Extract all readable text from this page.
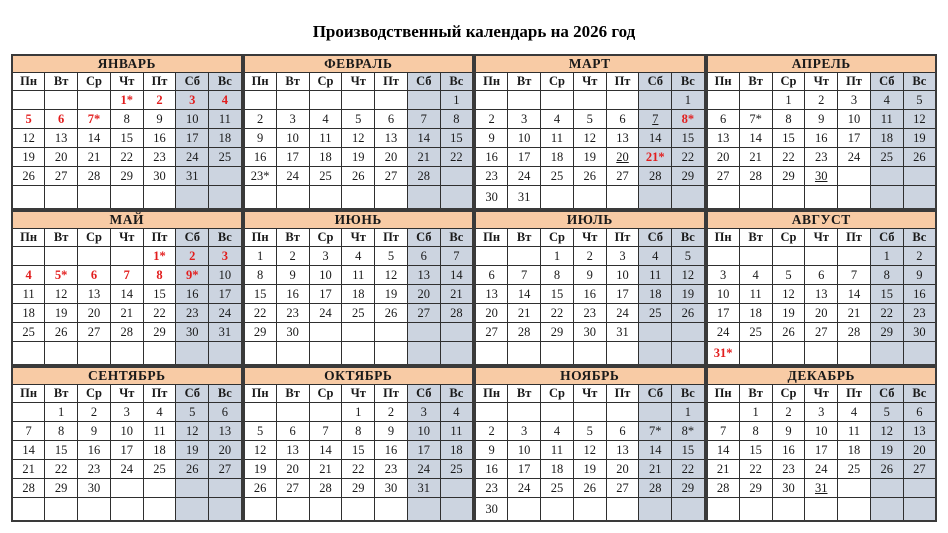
Производственный календарь на 2026 год
ЯНВАРЬ						
Пн	Вт	Ср	Чт	Пт	Сб	Вс
			1*	2	3	4
5	6	7*	8	9	10	11
12	13	14	15	16	17	18
19	20	21	22	23	24	25
26	27	28	29	30	31	

ФЕВРАЛЬ						
Пн	Вт	Ср	Чт	Пт	Сб	Вс
						1
2	3	4	5	6	7	8
9	10	11	12	13	14	15
16	17	18	19	20	21	22
23*	24	25	26	27	28	

МАРТ						
Пн	Вт	Ср	Чт	Пт	Сб	Вс
						1
2	3	4	5	6	7	8*
9	10	11	12	13	14	15
16	17	18	19	20	21*	22
23	24	25	26	27	28	29
30	31					
АПРЕЛЬ						
Пн	Вт	Ср	Чт	Пт	Сб	Вс
		1	2	3	4	5
6	7*	8	9	10	11	12
13	14	15	16	17	18	19
20	21	22	23	24	25	26
27	28	29	30			

МАЙ						
Пн	Вт	Ср	Чт	Пт	Сб	Вс
				1*	2	3
4	5*	6	7	8	9*	10
11	12	13	14	15	16	17
18	19	20	21	22	23	24
25	26	27	28	29	30	31

ИЮНЬ						
Пн	Вт	Ср	Чт	Пт	Сб	Вс
1	2	3	4	5	6	7
8	9	10	11	12	13	14
15	16	17	18	19	20	21
22	23	24	25	26	27	28
29	30					

ИЮЛЬ						
Пн	Вт	Ср	Чт	Пт	Сб	Вс
		1	2	3	4	5
6	7	8	9	10	11	12
13	14	15	16	17	18	19
20	21	22	23	24	25	26
27	28	29	30	31		

АВГУСТ						
Пн	Вт	Ср	Чт	Пт	Сб	Вс
					1	2
3	4	5	6	7	8	9
10	11	12	13	14	15	16
17	18	19	20	21	22	23
24	25	26	27	28	29	30
31*						
СЕНТЯБРЬ						
Пн	Вт	Ср	Чт	Пт	Сб	Вс
	1	2	3	4	5	6
7	8	9	10	11	12	13
14	15	16	17	18	19	20
21	22	23	24	25	26	27
28	29	30				

ОКТЯБРЬ						
Пн	Вт	Ср	Чт	Пт	Сб	Вс
			1	2	3	4
5	6	7	8	9	10	11
12	13	14	15	16	17	18
19	20	21	22	23	24	25
26	27	28	29	30	31	

НОЯБРЬ						
Пн	Вт	Ср	Чт	Пт	Сб	Вс
						1
2	3	4	5	6	7*	8*
9	10	11	12	13	14	15
16	17	18	19	20	21	22
23	24	25	26	27	28	29
30						
ДЕКАБРЬ						
Пн	Вт	Ср	Чт	Пт	Сб	Вс
	1	2	3	4	5	6
7	8	9	10	11	12	13
14	15	16	17	18	19	20
21	22	23	24	25	26	27
28	29	30	31			
